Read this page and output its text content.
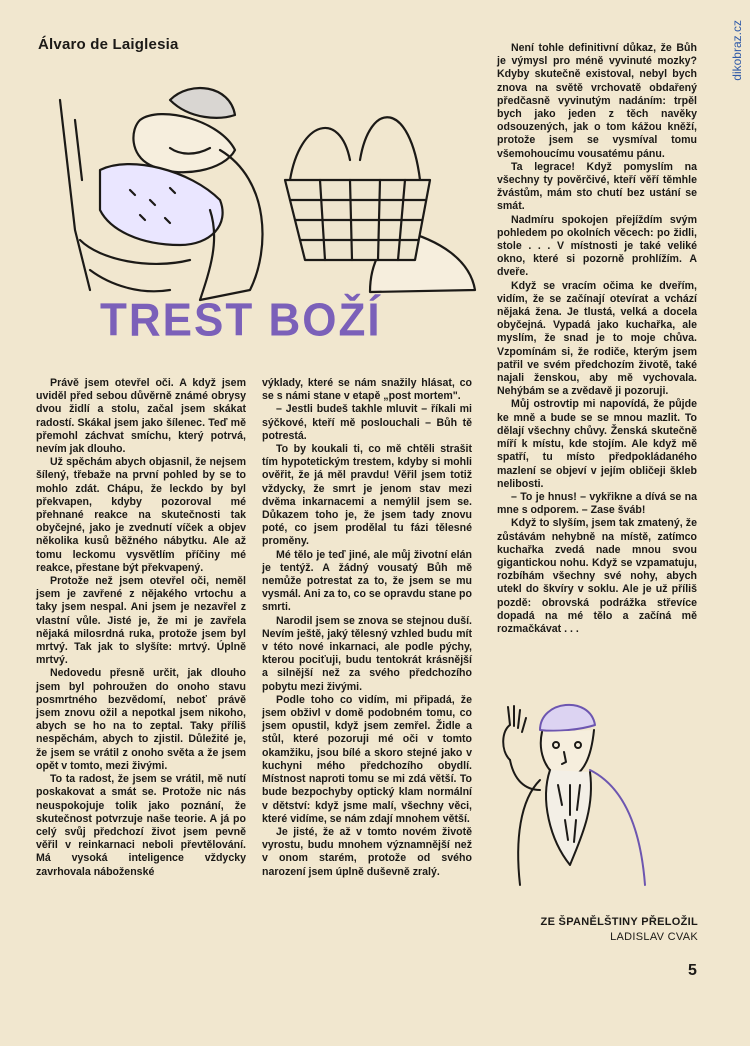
Álvaro de Laiglesia	dikobraz.cz
TREST BOŽÍ

Právě jsem otevřel oči. A když jsem uviděl před sebou důvěrně známé obrysy dvou židlí a stolu, začal jsem skákat radostí. Skákal jsem jako šílenec. Teď mě přemohl záchvat smíchu, který potrvá, nevím jak dlouho.

Už spěchám abych objasnil, že nejsem šílený, třebaže na první pohled by se to mohlo zdát. Chápu, že leckdo by byl překvapen, kdyby pozoroval mé přehnané reakce na skutečnosti tak obyčejné, jako je zvednutí víček a objev několika kusů běžného nábytku. Ale až tomu leckomu vysvětlím příčiny mé reakce, přestane být překvapený.

Protože než jsem otevřel oči, neměl jsem je zavřené z nějakého vrtochu a taky jsem nespal. Ani jsem je nezavřel z vlastní vůle. Jisté je, že mi je zavřela nějaká milosrdná ruka, protože jsem byl mrtvý. Tak jak to slyšíte: mrtvý. Úplně mrtvý.

Nedovedu přesně určit, jak dlouho jsem byl pohroužen do onoho stavu posmrtného bezvědomí, neboť právě jsem znovu ožil a nepotkal jsem nikoho, abych se ho na to zeptal. Taky příliš nespěchám, abych to zjistil. Důležité je, že jsem se vrátil z onoho světa a že jsem opět v tomto, mezi živými.

To ta radost, že jsem se vrátil, mě nutí poskakovat a smát se. Protože nic nás neuspokojuje tolik jako poznání, že skutečnost potvrzuje naše teorie. A já po celý svůj předchozí život jsem pevně věřil v reinkarnaci neboli převtělování. Má vysoká inteligence vždycky zavrhovala náboženské

výklady, které se nám snažily hlásat, co se s námi stane v etapě „post mortem".

– Jestli budeš takhle mluvit – říkali mi sýčkové, kteří mě poslouchali – Bůh tě potrestá.

To by koukali ti, co mě chtěli strašit tím hypotetickým trestem, kdyby si mohli ověřit, že já měl pravdu! Věřil jsem totiž vždycky, že smrt je jenom stav mezi dvěma inkarnacemi a nemýlil jsem se. Důkazem toho je, že jsem tady znovu poté, co jsem prodělal tu fázi tělesné proměny.

Mé tělo je teď jiné, ale můj životní elán je tentýž. A žádný vousatý Bůh mě nemůže potrestat za to, že jsem se mu vysmál. Ani za to, co se opravdu stane po smrti.

Narodil jsem se znova se stejnou duší. Nevím ještě, jaký tělesný vzhled budu mít v této nové inkarnaci, ale podle pýchy, kterou pociťuji, budu tentokrát krásnější a silnější než za svého předchozího pobytu mezi živými.

Podle toho co vidím, mi připadá, že jsem obživl v domě podobném tomu, co jsem opustil, když jsem zemřel. Židle a stůl, které pozoruji mé oči v tomto okamžiku, jsou bílé a skoro stejné jako v kuchyni mého předchozího obydlí. Místnost naproti tomu se mi zdá větší. To bude bezpochyby optický klam normální v dětství: když jsme malí, všechny věci, které vidíme, se nám zdají mnohem větší.

Je jisté, že až v tomto novém životě vyrostu, budu mnohem významnější než v onom starém, protože od svého narození jsem úplně duševně zralý.

Není tohle definitivní důkaz, že Bůh je výmysl pro méně vyvinuté mozky? Kdyby skutečně existoval, nebyl bych znova na světě vrchovatě obdařený předčasně vyvinutým nadáním: trpěl bych jako jeden z těch navěky odsouzených, jak o tom kážou kněží, protože jsem se vysmíval tomu všemohoucímu vousatému pánu.

Ta legrace! Když pomyslím na všechny ty pověrčivé, kteří věří těmhle žvástům, mám sto chutí bez ustání se smát.

Nadmíru spokojen přejíždím svým pohledem po okolních věcech: po židli, stole . . . V místnosti je také veliké okno, které si pozorně prohlížím. A dveře.

Když se vracím očima ke dveřím, vidím, že se začínají otevírat a vchází nějaká žena. Je tlustá, velká a docela obyčejná. Vypadá jako kuchařka, ale myslím, že snad je to moje chůva. Vzpomínám si, že rodiče, kterým jsem patřil ve svém předchozím životě, také najali ženskou, aby mě vychovala. Nehýbám se a zvědavě ji pozoruji.

Můj ostrovtip mi napovídá, že půjde ke mně a bude se se mnou mazlit. To dělají všechny chůvy. Ženská skutečně míří k místu, kde stojím. Ale když mě spatří, tu místo předpokládaného mazlení se objeví v jejím obličeji škleb nelibosti.

– To je hnus! – vykřikne a dívá se na mne s odporem. – Zase šváb!

Když to slyším, jsem tak zmatený, že zůstávám nehybně na místě, zatímco kuchařka zvedá nade mnou svou gigantickou nohu. Když se vzpamatuju, rozbíhám všechny své nohy, abych utekl do škvíry v soklu. Ale je už příliš pozdě: obrovská podrážka střevíce dopadá na mé tělo a začíná mě rozmačkávat . . .

ZE ŠPANĚLŠTINY PŘELOŽIL
LADISLAV CVAK
5
